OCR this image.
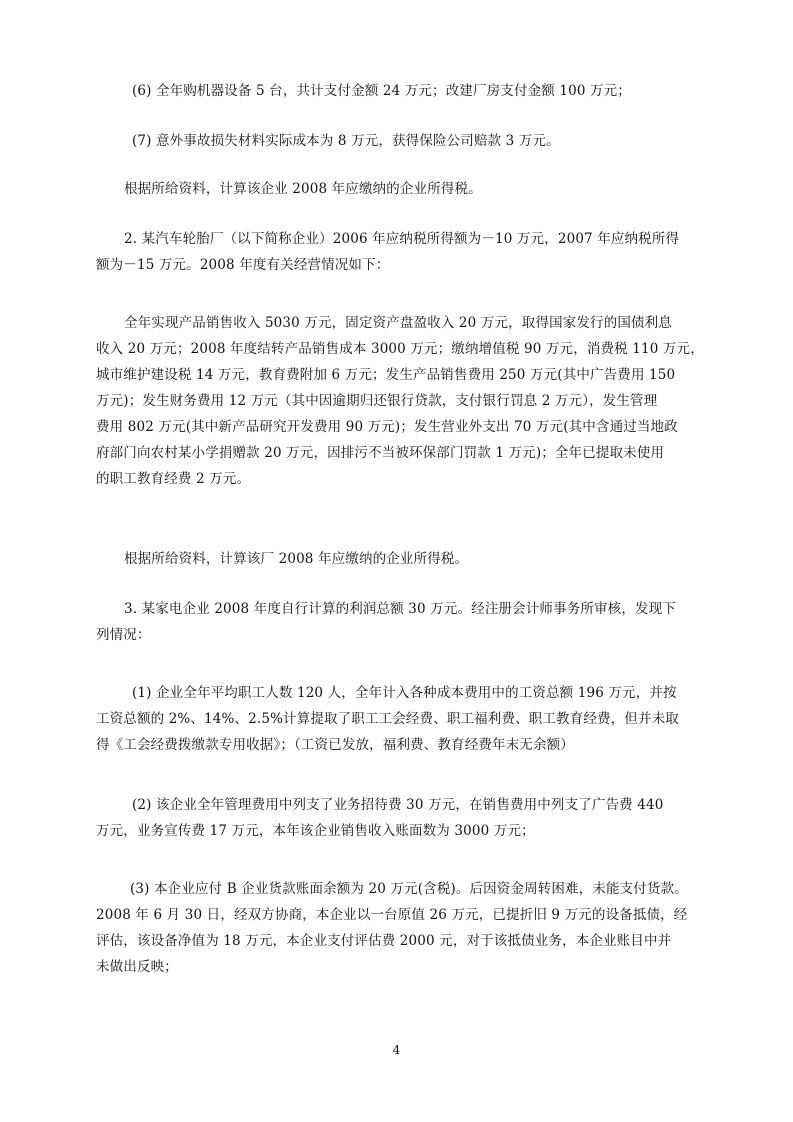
(6) 全年购机器设备 5 台，共计支付金额 24 万元；改建厂房支付金额 100 万元；
(7) 意外事故损失材料实际成本为 8 万元，获得保险公司赔款 3 万元。
根据所给资料，计算该企业 2008 年应缴纳的企业所得税。
2. 某汽车轮胎厂（以下简称企业）2006 年应纳税所得额为－10 万元，2007 年应纳税所得
额为－15 万元。2008 年度有关经营情况如下：
全年实现产品销售收入 5030 万元，固定资产盘盈收入 20 万元，取得国家发行的国债利息
收入 20 万元；2008 年度结转产品销售成本 3000 万元；缴纳增值税 90 万元，消费税 110 万元，
城市维护建设税 14 万元，教育费附加 6 万元；发生产品销售费用 250 万元(其中广告费用 150
万元)；发生财务费用 12 万元（其中因逾期归还银行贷款，支付银行罚息 2 万元），发生管理
费用 802 万元(其中新产品研究开发费用 90 万元)；发生营业外支出 70 万元(其中含通过当地政
府部门向农村某小学捐赠款 20 万元，因排污不当被环保部门罚款 1 万元)；全年已提取未使用
的职工教育经费 2 万元。
根据所给资料，计算该厂 2008 年应缴纳的企业所得税。
3. 某家电企业 2008 年度自行计算的利润总额 30 万元。经注册会计师事务所审核，发现下
列情况：
(1) 企业全年平均职工人数 120 人，全年计入各种成本费用中的工资总额 196 万元，并按
工资总额的 2%、14%、2.5%计算提取了职工工会经费、职工福利费、职工教育经费，但并未取
得《工会经费拨缴款专用收据》；（工资已发放，福利费、教育经费年末无余额）
(2) 该企业全年管理费用中列支了业务招待费 30 万元，在销售费用中列支了广告费 440
万元，业务宣传费 17 万元，本年该企业销售收入账面数为 3000 万元；
(3) 本企业应付 B 企业货款账面余额为 20 万元(含税)。后因资金周转困难，未能支付货款。
2008 年 6 月 30 日，经双方协商，本企业以一台原值 26 万元，已提折旧 9 万元的设备抵债，经
评估，该设备净值为 18 万元，本企业支付评估费 2000 元，对于该抵债业务，本企业账目中并
未做出反映；
4
